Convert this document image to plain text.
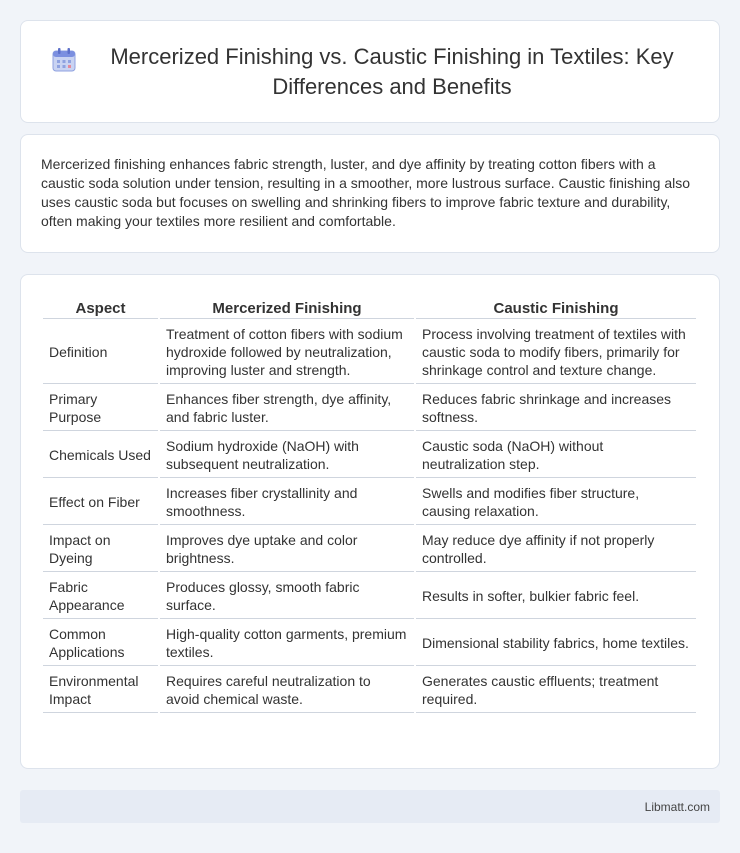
Mercerized Finishing vs. Caustic Finishing in Textiles: Key Differences and Benefits

Mercerized finishing enhances fabric strength, luster, and dye affinity by treating cotton fibers with a caustic soda solution under tension, resulting in a smoother, more lustrous surface. Caustic finishing also uses caustic soda but focuses on swelling and shrinking fibers to improve fabric texture and durability, often making your textiles more resilient and comfortable.

Aspect	Mercerized Finishing	Caustic Finishing
Definition	Treatment of cotton fibers with sodium hydroxide followed by neutralization, improving luster and strength.	Process involving treatment of textiles with caustic soda to modify fibers, primarily for shrinkage control and texture change.
Primary Purpose	Enhances fiber strength, dye affinity, and fabric luster.	Reduces fabric shrinkage and increases softness.
Chemicals Used	Sodium hydroxide (NaOH) with subsequent neutralization.	Caustic soda (NaOH) without neutralization step.
Effect on Fiber	Increases fiber crystallinity and smoothness.	Swells and modifies fiber structure, causing relaxation.
Impact on Dyeing	Improves dye uptake and color brightness.	May reduce dye affinity if not properly controlled.
Fabric Appearance	Produces glossy, smooth fabric surface.	Results in softer, bulkier fabric feel.
Common Applications	High-quality cotton garments, premium textiles.	Dimensional stability fabrics, home textiles.
Environmental Impact	Requires careful neutralization to avoid chemical waste.	Generates caustic effluents; treatment required.
Libmatt.com
